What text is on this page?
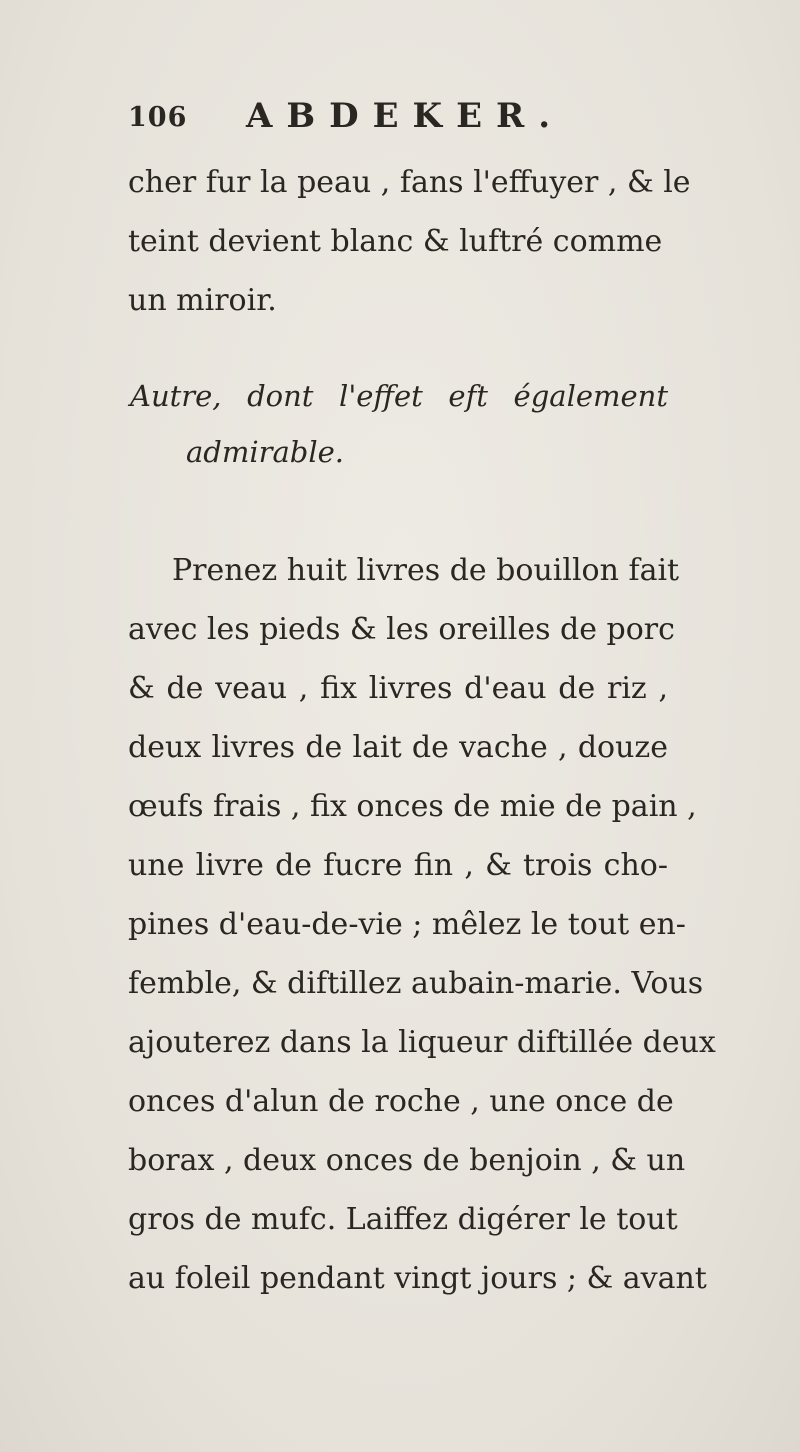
106 ABDEKER.
cher fur la peau , fans l'effuyer , & le
teint devient blanc & luftré comme
un miroir.
Autre, dont l'effet eft également
admirable.
Prenez huit livres de bouillon fait
avec les pieds & les oreilles de porc
& de veau , fix livres d'eau de riz ,
deux livres de lait de vache , douze
œufs frais , fix onces de mie de pain ,
une livre de fucre fin , & trois cho-
pines d'eau-de-vie ; mêlez le tout en-
femble, & diftillez aubain-marie. Vous
ajouterez dans la liqueur diftillée deux
onces d'alun de roche , une once de
borax , deux onces de benjoin , & un
gros de mufc. Laiffez digérer le tout
au foleil pendant vingt jours ; & avant
